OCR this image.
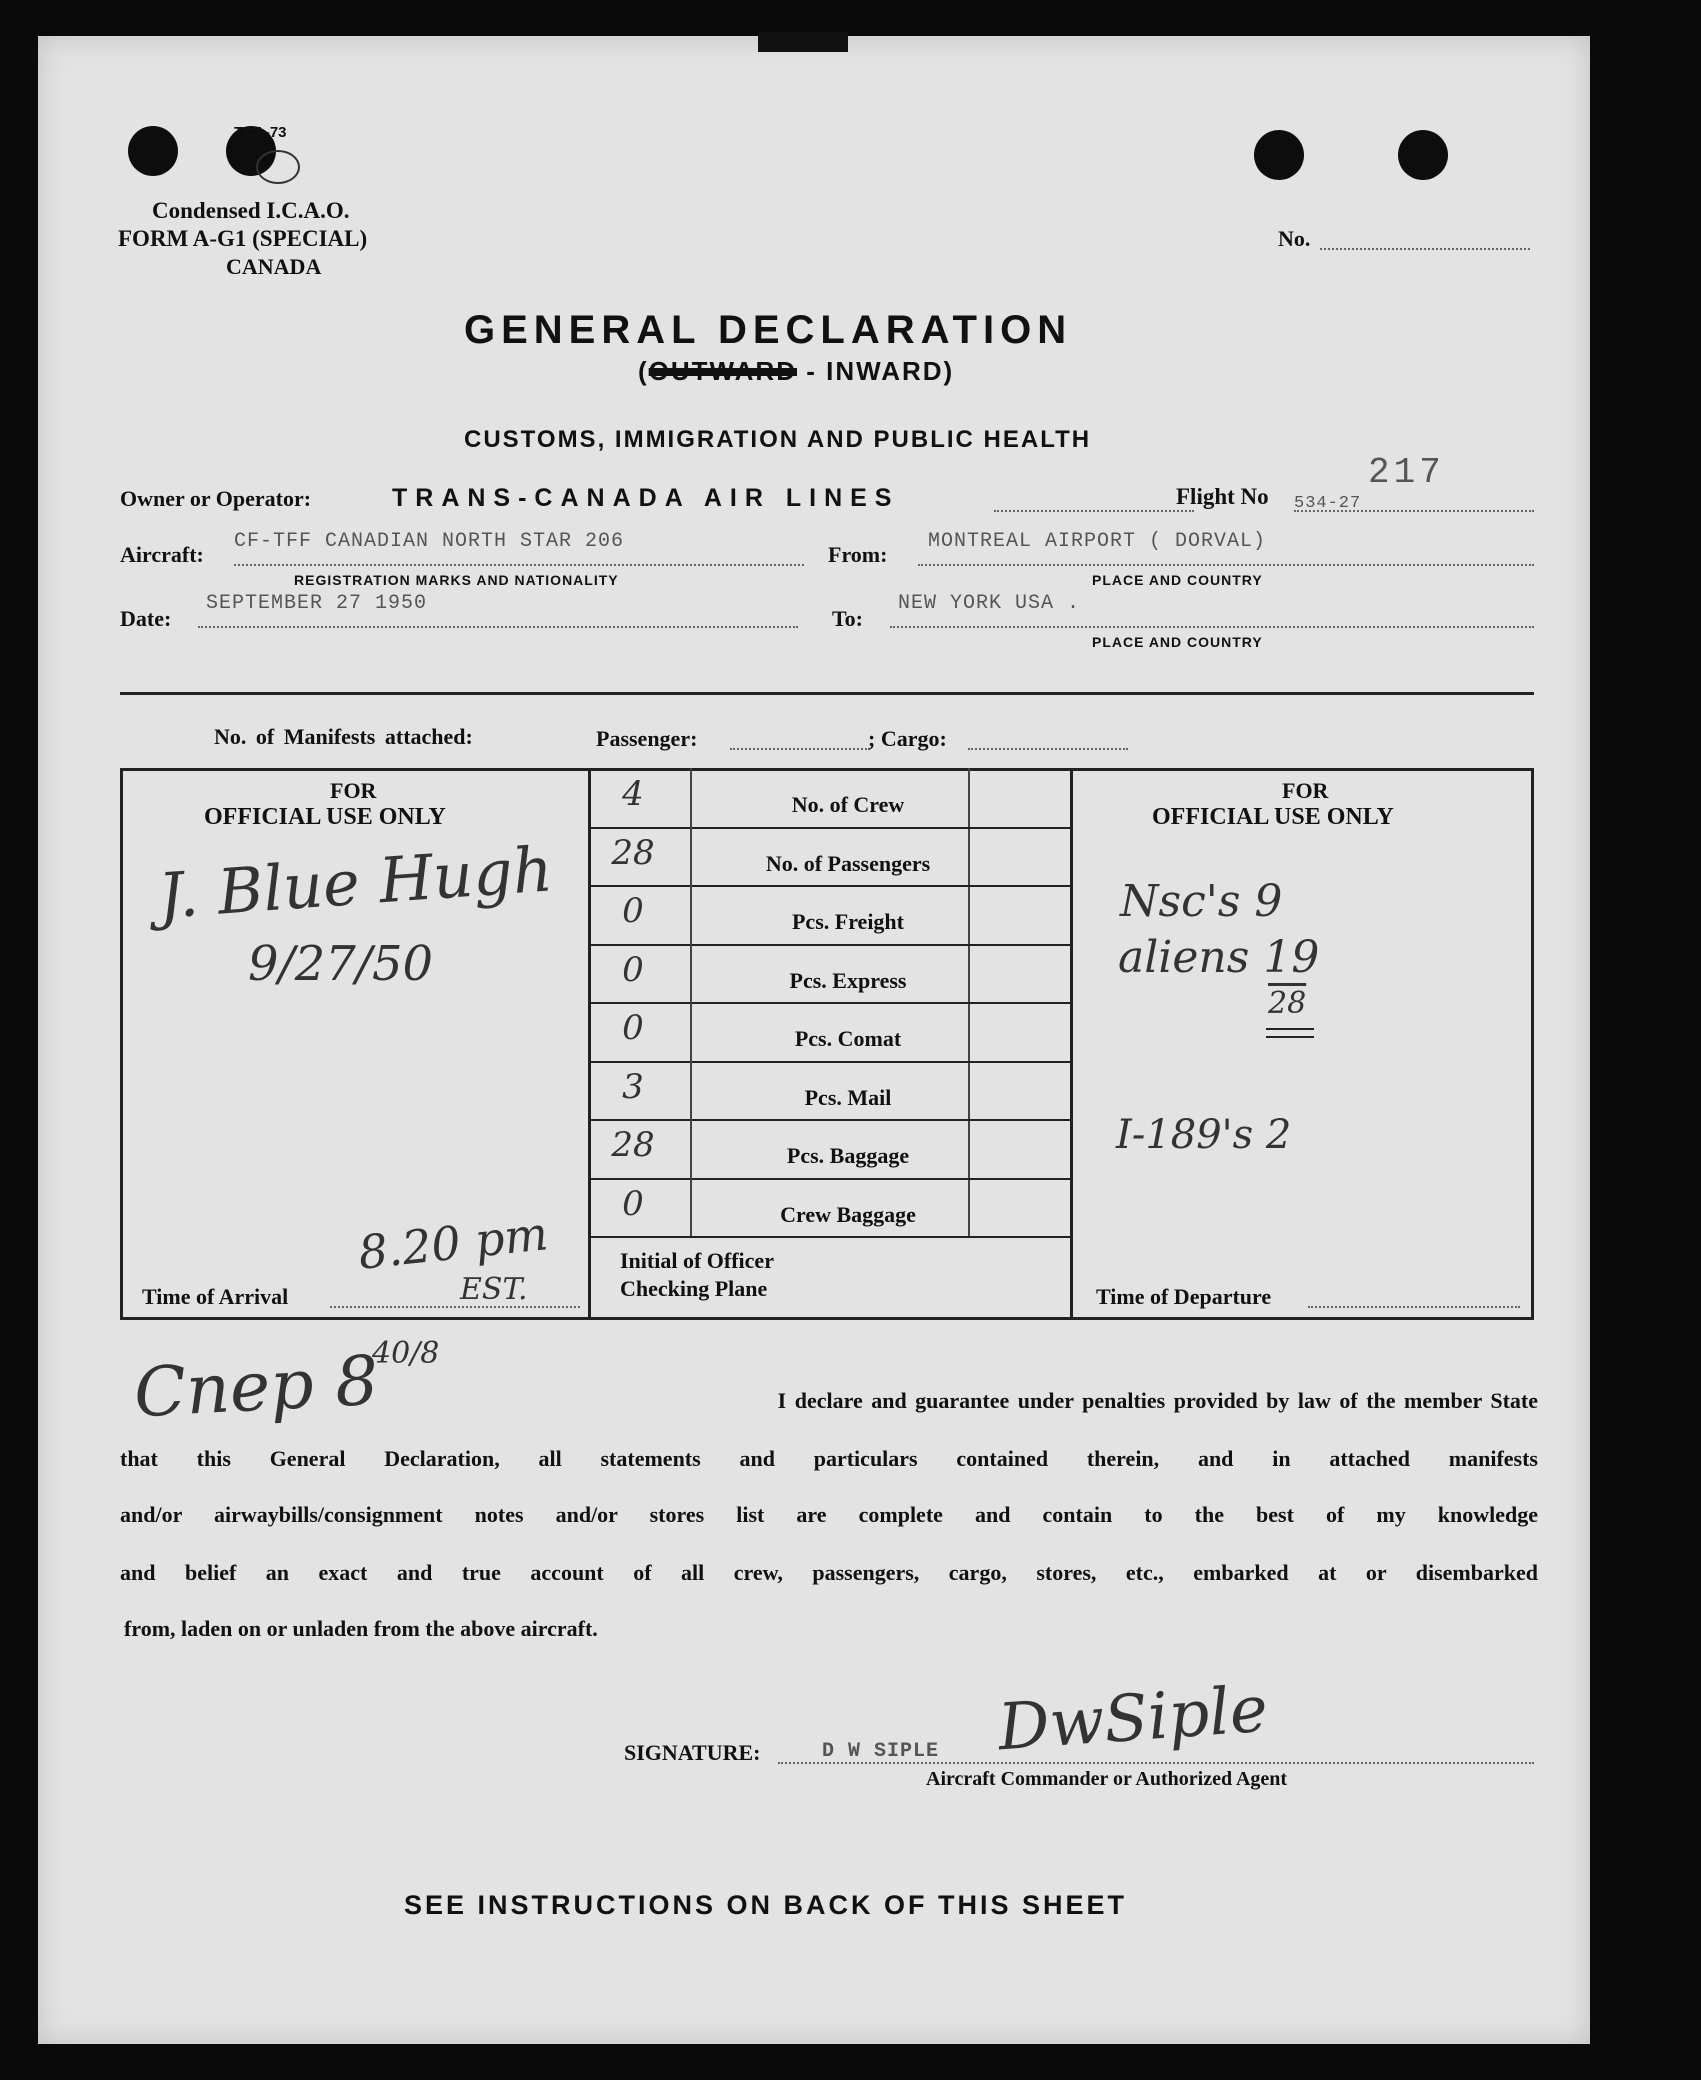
TCA-73
Condensed I.C.A.O.
FORM A-G1 (SPECIAL)
CANADA
No.
GENERAL DECLARATION
(OUTWARD - INWARD)
CUSTOMS, IMMIGRATION AND PUBLIC HEALTH
Owner or Operator:	TRANS-CANADA AIR LINES	Flight No 534-27
217
Aircraft:
CF-TFF CANADIAN NORTH STAR 206
REGISTRATION MARKS AND NATIONALITY
From:
MONTREAL AIRPORT ( DORVAL)
PLACE AND COUNTRY
Date:
SEPTEMBER 27 1950
To:
NEW YORK USA .
PLACE AND COUNTRY
No. of Manifests attached:	Passenger:	; Cargo:
FOR
OFFICIAL USE ONLY
J. Blue Hugh
9/27/50
Time of Arrival
8.20 pm
EST.
4	No. of Crew
28	No. of Passengers
0	Pcs. Freight
0	Pcs. Express
0	Pcs. Comat
3	Pcs. Mail
28	Pcs. Baggage
0	Crew Baggage
Initial of Officer
Checking Plane
FOR
OFFICIAL USE ONLY
Nsc's 9
aliens 19
28
I-189's 2
Time of Departure
Cnep 8
40/8
I declare and guarantee under penalties provided by law of the member State
that this General Declaration, all statements and particulars contained therein, and in attached manifests
and/or airwaybills/consignment notes and/or stores list are complete and contain to the best of my knowledge
and belief an exact and true account of all crew, passengers, cargo, stores, etc., embarked at or disembarked
from, laden on or unladen from the above aircraft.
SIGNATURE:	D W SIPLE DwSiple
Aircraft Commander or Authorized Agent
SEE INSTRUCTIONS ON BACK OF THIS SHEET
